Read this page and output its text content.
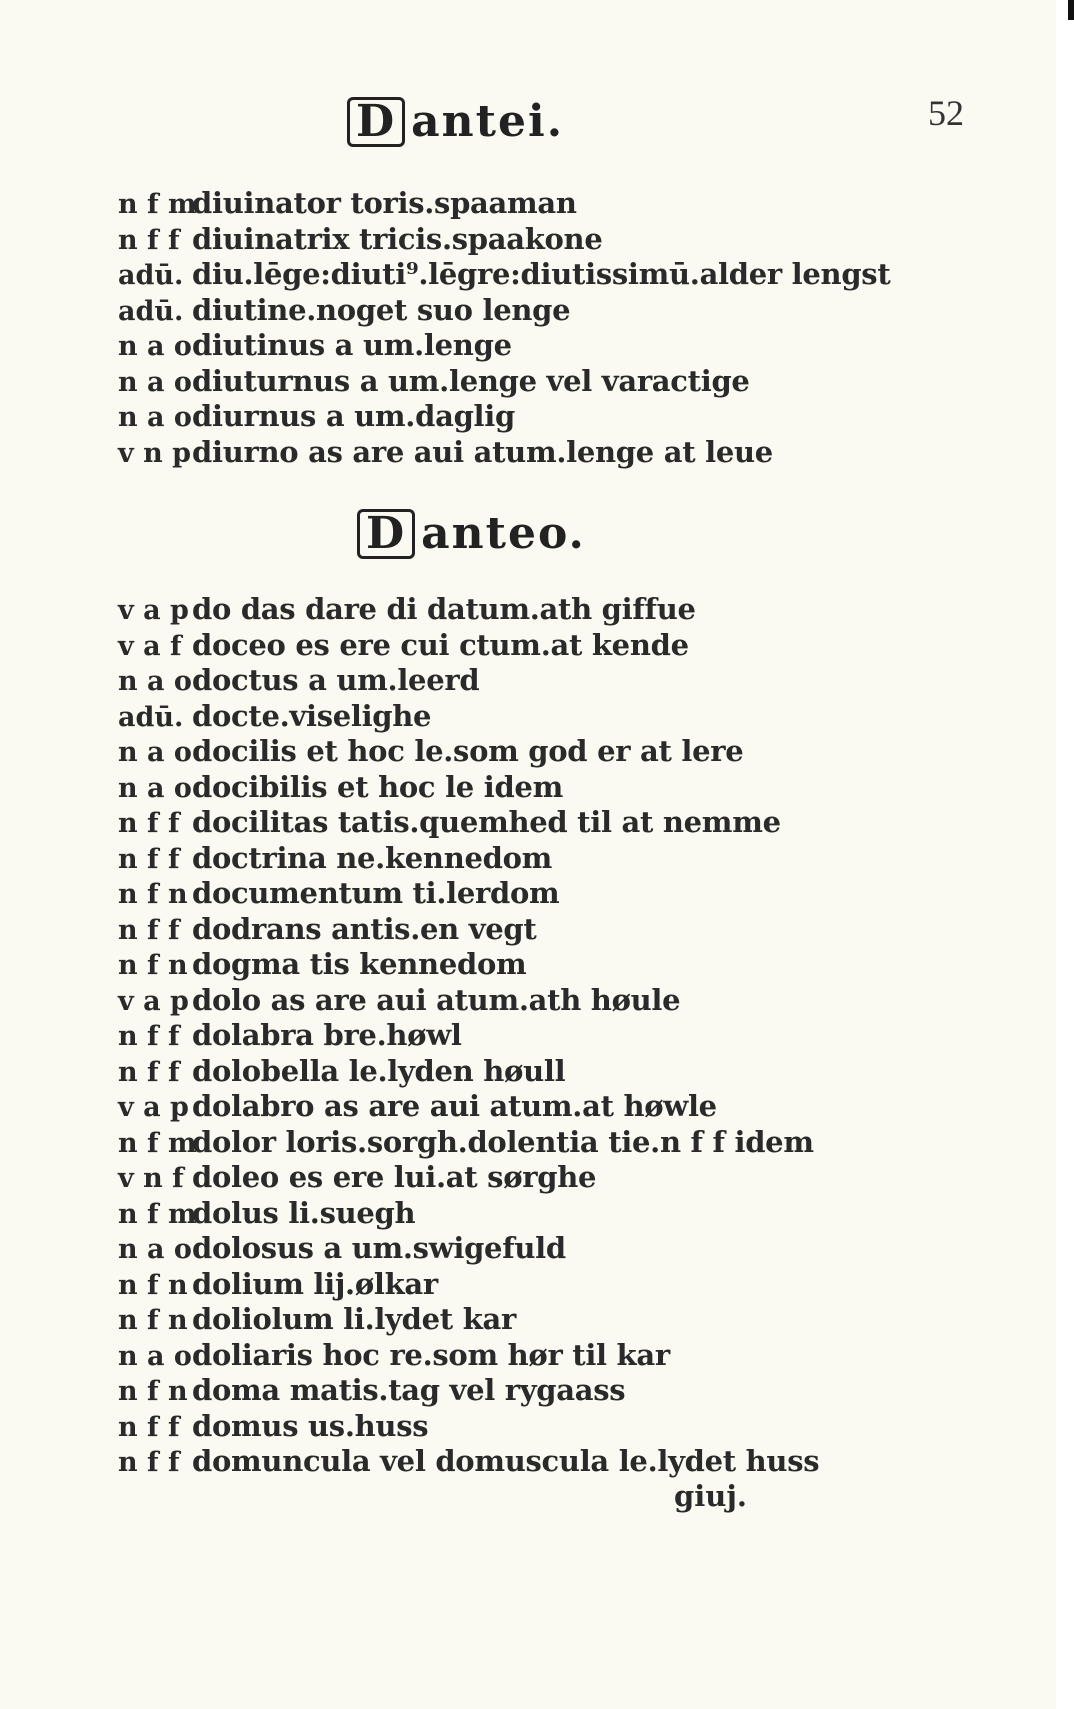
52
D antei.
n f mdiuinator toris.spaaman
n f f diuinatrix tricis.spaakone
adū. diu.lēge:diuti⁹.lēgre:diutissimū.alder lengst
adū. diutine.noget suo lenge
n a odiutinus a um.lenge
n a odiuturnus a um.lenge vel varactige
n a odiurnus a um.daglig
v n pdiurno as are aui atum.lenge at leue
D anteo.
v a p do das dare di datum.ath giffue
v a f doceo es ere cui ctum.at kende
n a odoctus a um.leerd
adū. docte.viselighe
n a odocilis et hoc le.som god er at lere
n a odocibilis et hoc le idem
n f f docilitas tatis.quemhed til at nemme
n f f doctrina ne.kennedom
n f n documentum ti.lerdom
n f f dodrans antis.en vegt
n f n dogma tis kennedom
v a p dolo as are aui atum.ath høule
n f f dolabra bre.høwl
n f f dolobella le.lyden høull
v a p dolabro as are aui atum.at høwle
n f mdolor loris.sorgh.dolentia tie.n f f idem
v n f doleo es ere lui.at sørghe
n f mdolus li.suegh
n a odolosus a um.swigefuld
n f n dolium lij.ølkar
n f n doliolum li.lydet kar
n a odoliaris hoc re.som hør til kar
n f n doma matis.tag vel rygaass
n f f domus us.huss
n f f domuncula vel domuscula le.lydet huss
giuj.
